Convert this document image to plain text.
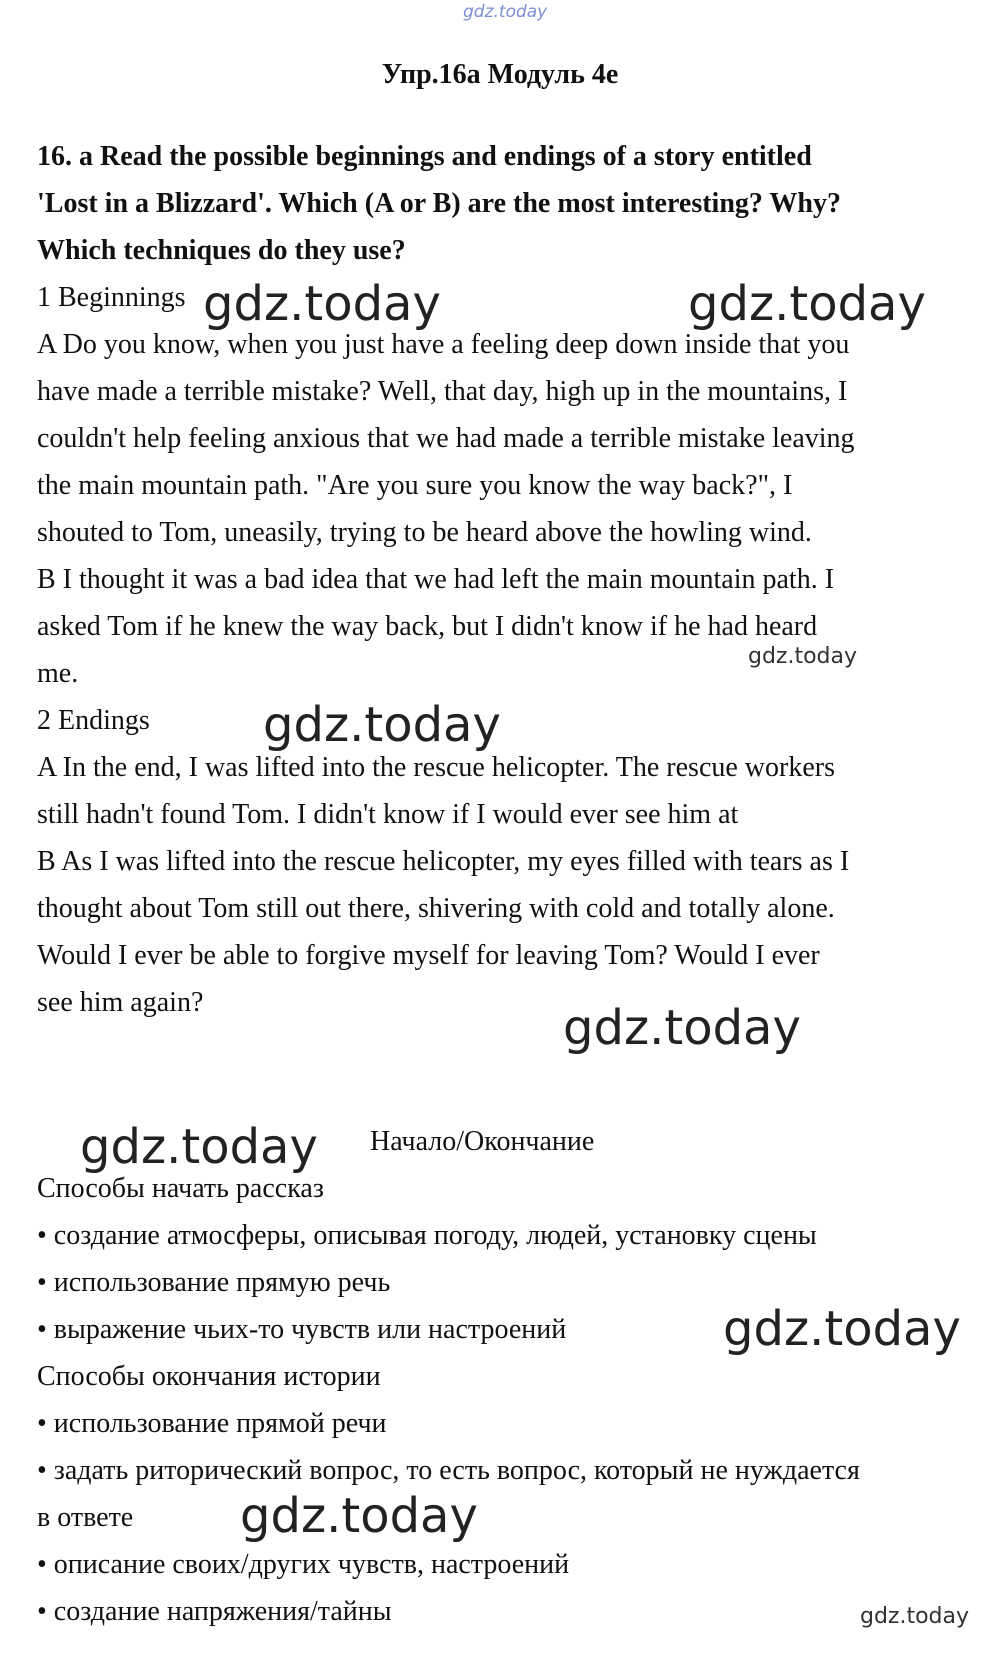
gdz.today
Упр.16а Модуль 4е
16. a Read the possible beginnings and endings of a story entitled
'Lost in a Blizzard'. Which (A or B) are the most interesting? Why?
Which techniques do they use?
1 Beginnings
A Do you know, when you just have a feeling deep down inside that you
have made a terrible mistake? Well, that day, high up in the mountains, I
couldn't help feeling anxious that we had made a terrible mistake leaving
the main mountain path. "Are you sure you know the way back?", I
shouted to Tom, uneasily, trying to be heard above the howling wind.
B I thought it was a bad idea that we had left the main mountain path. I
asked Tom if he knew the way back, but I didn't know if he had heard
me.
2 Endings
A In the end, I was lifted into the rescue helicopter. The rescue workers
still hadn't found Tom. I didn't know if I would ever see him at
B As I was lifted into the rescue helicopter, my eyes filled with tears as I
thought about Tom still out there, shivering with cold and totally alone.
Would I ever be able to forgive myself for leaving Tom? Would I ever
see him again?
Начало/Окончание
Способы начать рассказ
• создание атмосферы, описывая погоду, людей, установку сцены
• использование прямую речь
• выражение чьих-то чувств или настроений
Способы окончания истории
• использование прямой речи
• задать риторический вопрос, то есть вопрос, который не нуждается
в ответе
• описание своих/других чувств, настроений
• создание напряжения/тайны
gdz.today	gdz.today
gdz.today
gdz.today
gdz.today
gdz.today
gdz.today
gdz.today
gdz.today
